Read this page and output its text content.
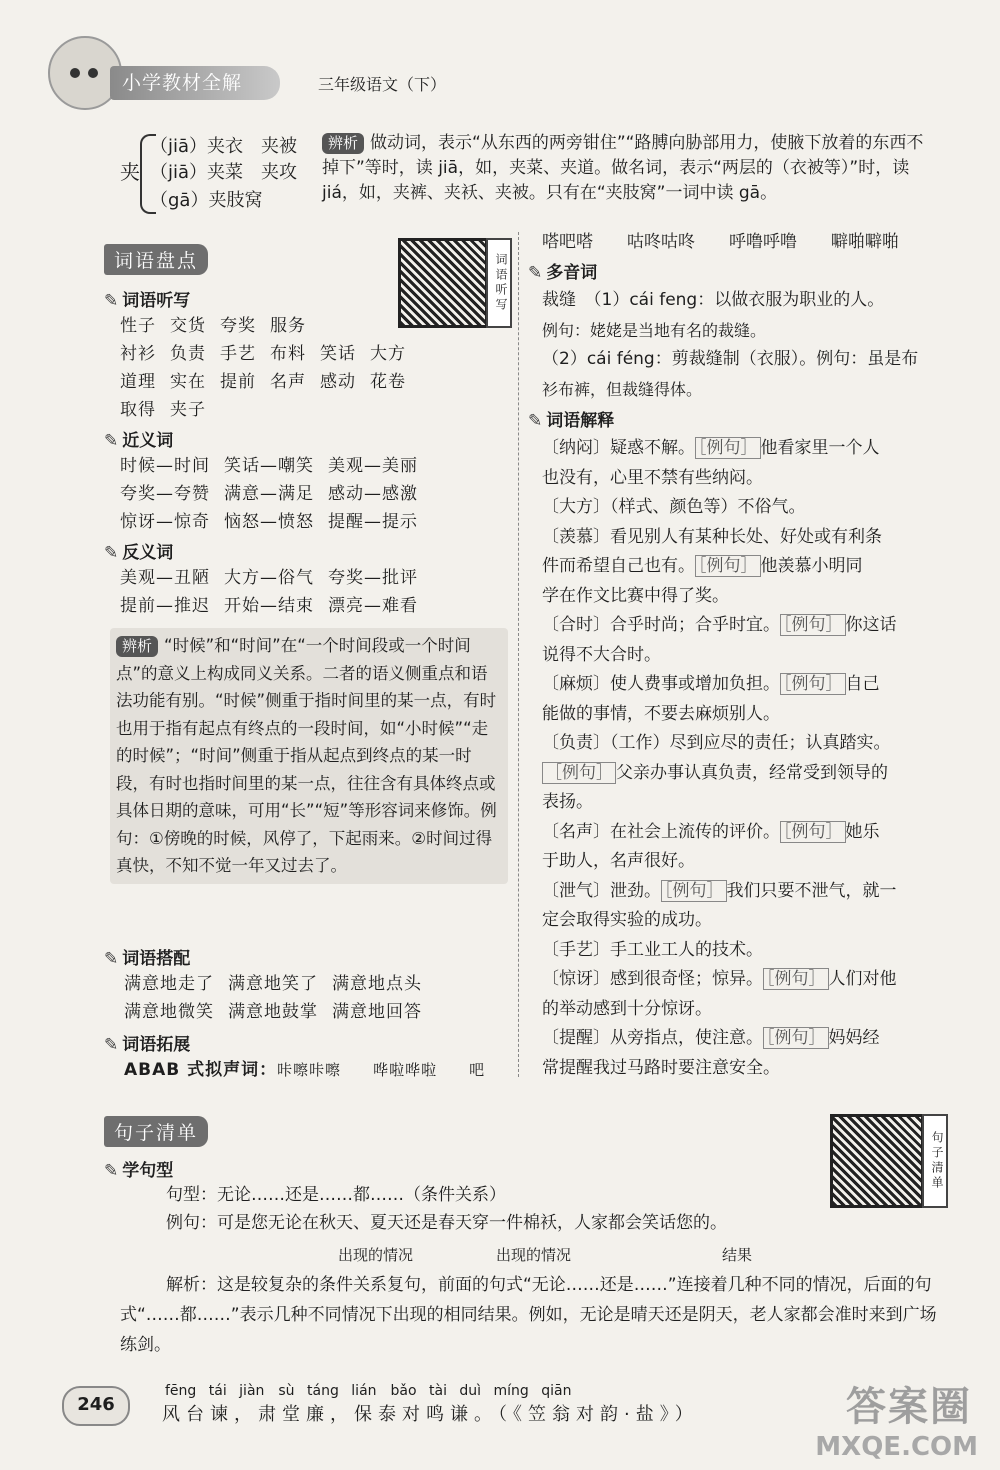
小学教材全解	三年级语文（下）
夹
（jiā）夹衣　夹被
（jiā）夹菜　夹攻
（gā）夹肢窝
辨析 做动词，表示“从东西的两旁钳住”“路膊向胁部用力，使腋下放着的东西不掉下”等时，读 jiā，如，夹菜、夹道。做名词，表示“两层的（衣被等）”时，读 jiá，如，夹裤、夹袄、夹被。只有在“夹肢窝”一词中读 gā。
词语盘点	词语听写
✎ 词语听写
性子 交货 夸奖 服务
衬衫 负责 手艺 布料 笑话 大方
道理 实在 提前 名声 感动 花卷
取得 夹子
✎ 近义词
时候—时间 笑话—嘲笑 美观—美丽
夸奖—夸赞 满意—满足 感动—感激
惊讶—惊奇 恼怒—愤怒 提醒—提示
✎ 反义词
美观—丑陋 大方—俗气 夸奖—批评
提前—推迟 开始—结束 漂亮—难看
辨析 “时候”和“时间”在“一个时间段或一个时间点”的意义上构成同义关系。二者的语义侧重点和语法功能有别。“时候”侧重于指时间里的某一点，有时也用于指有起点有终点的一段时间，如“小时候”“走的时候”；“时间”侧重于指从起点到终点的某一时段，有时也指时间里的某一点，往往含有具体终点或具体日期的意味，可用“长”“短”等形容词来修饰。例句：①傍晚的时候，风停了，下起雨来。②时间过得真快，不知不觉一年又过去了。
✎ 词语搭配
满意地走了 满意地笑了 满意地点头
满意地微笑 满意地鼓掌 满意地回答
✎ 词语拓展
ABAB 式拟声词：咔嚓咔嚓　　哗啦哗啦　　吧
嗒吧嗒　　咕咚咕咚　　呼噜呼噜　　噼啪噼啪
✎ 多音词
裁缝　（1）cái feng：以做衣服为职业的人。
例句：姥姥是当地有名的裁缝。
（2）cái féng：剪裁缝制（衣服）。例句：虽是布
衫布裤，但裁缝得体。
✎ 词语解释
〔纳闷〕疑惑不解。 ［例句］ 他看家里一个人
也没有，心里不禁有些纳闷。
〔大方〕（样式、颜色等）不俗气。
〔羡慕〕看见别人有某种长处、好处或有利条
件而希望自己也有。 ［例句］ 他羡慕小明同
学在作文比赛中得了奖。
〔合时〕合乎时尚；合乎时宜。 ［例句］ 你这话
说得不大合时。
〔麻烦〕使人费事或增加负担。 ［例句］ 自己
能做的事情，不要去麻烦别人。
〔负责〕（工作）尽到应尽的责任；认真踏实。
［例句］ 父亲办事认真负责，经常受到领导的
表扬。
〔名声〕在社会上流传的评价。 ［例句］ 她乐
于助人，名声很好。
〔泄气〕泄劲。 ［例句］ 我们只要不泄气，就一
定会取得实验的成功。
〔手艺〕手工业工人的技术。
〔惊讶〕感到很奇怪；惊异。 ［例句］ 人们对他
的举动感到十分惊讶。
〔提醒〕从旁指点，使注意。 ［例句］ 妈妈经
常提醒我过马路时要注意安全。
句子清单	句子清单
✎ 学句型
句型：无论……还是……都……（条件关系）
例句：可是您无论在秋天、夏天还是春天穿一件棉袄，人家都会笑话您的。
出现的情况	出现的情况	结果
解析：这是较复杂的条件关系复句，前面的句式“无论……还是……”连接着几种不同的情况，后面的句式“……都……”表示几种不同情况下出现的相同结果。例如，无论是晴天还是阴天，老人家都会准时来到广场练剑。
246
fēng tái jiàn　sù táng lián　bǎo tài duì míng qiān
风台谏，肃堂廉，保泰对鸣谦。（《笠翁对韵·盐》）	答案圈
MXQE.COM
